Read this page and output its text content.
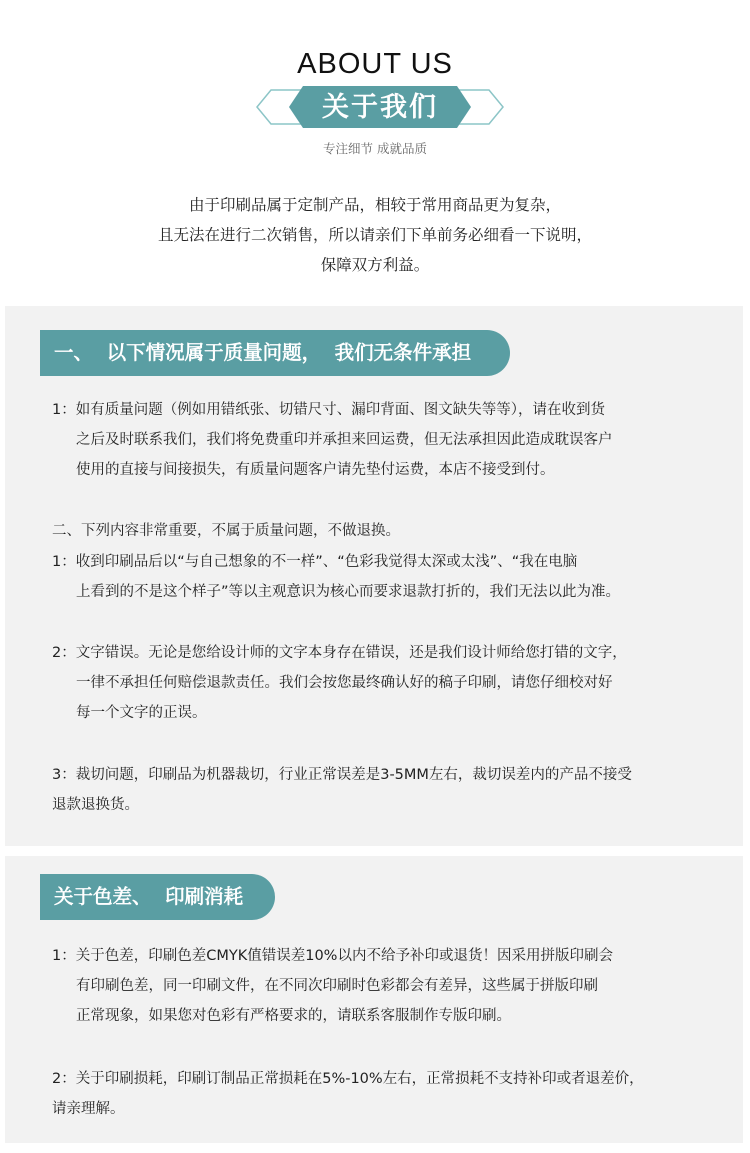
ABOUT US
关于我们
专注细节 成就品质
由于印刷品属于定制产品，相较于常用商品更为复杂，
且无法在进行二次销售，所以请亲们下单前务必细看一下说明，
保障双方利益。
一、  以下情况属于质量问题，  我们无条件承担
1：如有质量问题（例如用错纸张、切错尺寸、漏印背面、图文缺失等等），请在收到货
之后及时联系我们，我们将免费重印并承担来回运费，但无法承担因此造成耽误客户
使用的直接与间接损失，有质量问题客户请先垫付运费，本店不接受到付。
二、下列内容非常重要，不属于质量问题，不做退换。
1：收到印刷品后以“与自己想象的不一样”、“色彩我觉得太深或太浅”、“我在电脑
上看到的不是这个样子”等以主观意识为核心而要求退款打折的，我们无法以此为准。
2：文字错误。无论是您给设计师的文字本身存在错误，还是我们设计师给您打错的文字，
一律不承担任何赔偿退款责任。我们会按您最终确认好的稿子印刷，请您仔细校对好
每一个文字的正误。
3：裁切问题，印刷品为机器裁切，行业正常误差是3-5MM左右，裁切误差内的产品不接受
退款退换货。
关于色差、  印刷消耗
1：关于色差，印刷色差CMYK值错误差10%以内不给予补印或退货！因采用拼版印刷会
有印刷色差，同一印刷文件，在不同次印刷时色彩都会有差异，这些属于拼版印刷
正常现象，如果您对色彩有严格要求的，请联系客服制作专版印刷。
2：关于印刷损耗，印刷订制品正常损耗在5%-10%左右，正常损耗不支持补印或者退差价，
请亲理解。
